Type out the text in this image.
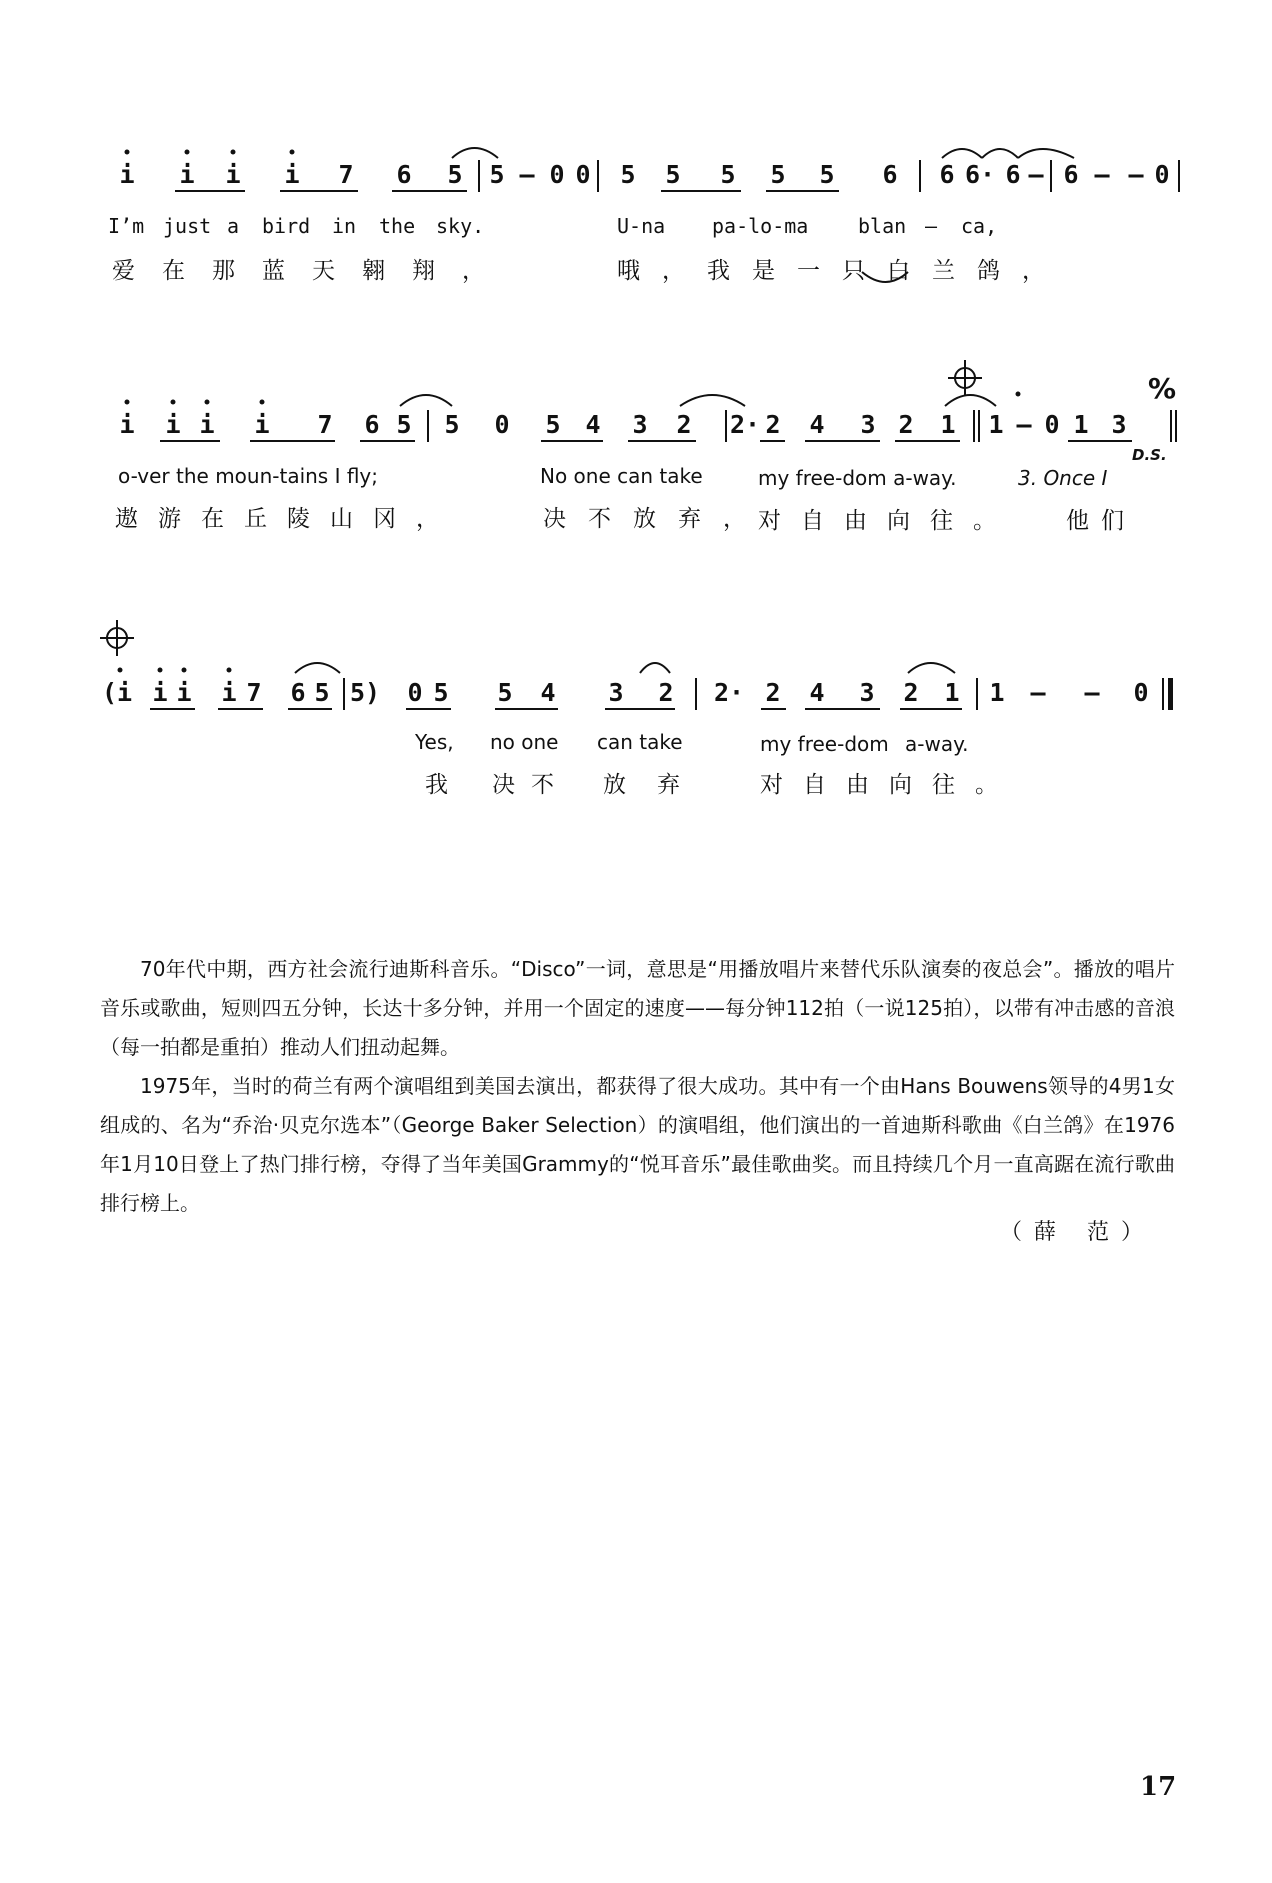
i i i i 7 6 5 5 – 0 0 5 5 5 5 5 6 6 6· 6 – 6 – – 0
I’m just a bird in the sky.	U-na pa-lo-ma blan – ca,
爱在那蓝天翱翔，	哦，我是一只白兰鸽，
i i i i 7 6 5 5 0 5 4 3 2 2· 2 4 3 2 1 1 – 0 1 3
D.S.
o-ver the moun-tains I fly;	No one can take	my free-dom a-way.	3. Once I
遨游在丘陵山冈，	决不放弃，
对自由向往。 他们
(i i i i 7 6 5 5) 0 5 5 4 3 2 2· 2 4 3 2 1 1 – – 0
Yes, no one can take	my free-dom a-way.
我 决不 放 弃	对自由向往。
%

70年代中期，西方社会流行迪斯科音乐。“Disco”一词，意思是“用播放唱片来替代乐队演奏的夜总会”。播放的唱片音乐或歌曲，短则四五分钟，长达十多分钟，并用一个固定的速度——每分钟112拍（一说125拍），以带有冲击感的音浪（每一拍都是重拍）推动人们扭动起舞。

1975年，当时的荷兰有两个演唱组到美国去演出，都获得了很大成功。其中有一个由Hans Bouwens领导的4男1女组成的、名为“乔治·贝克尔选本”（George Baker Selection）的演唱组，他们演出的一首迪斯科歌曲《白兰鸽》在1976年1月10日登上了热门排行榜，夺得了当年美国Grammy的“悦耳音乐”最佳歌曲奖。而且持续几个月一直高踞在流行歌曲排行榜上。

（薛 范）
17
